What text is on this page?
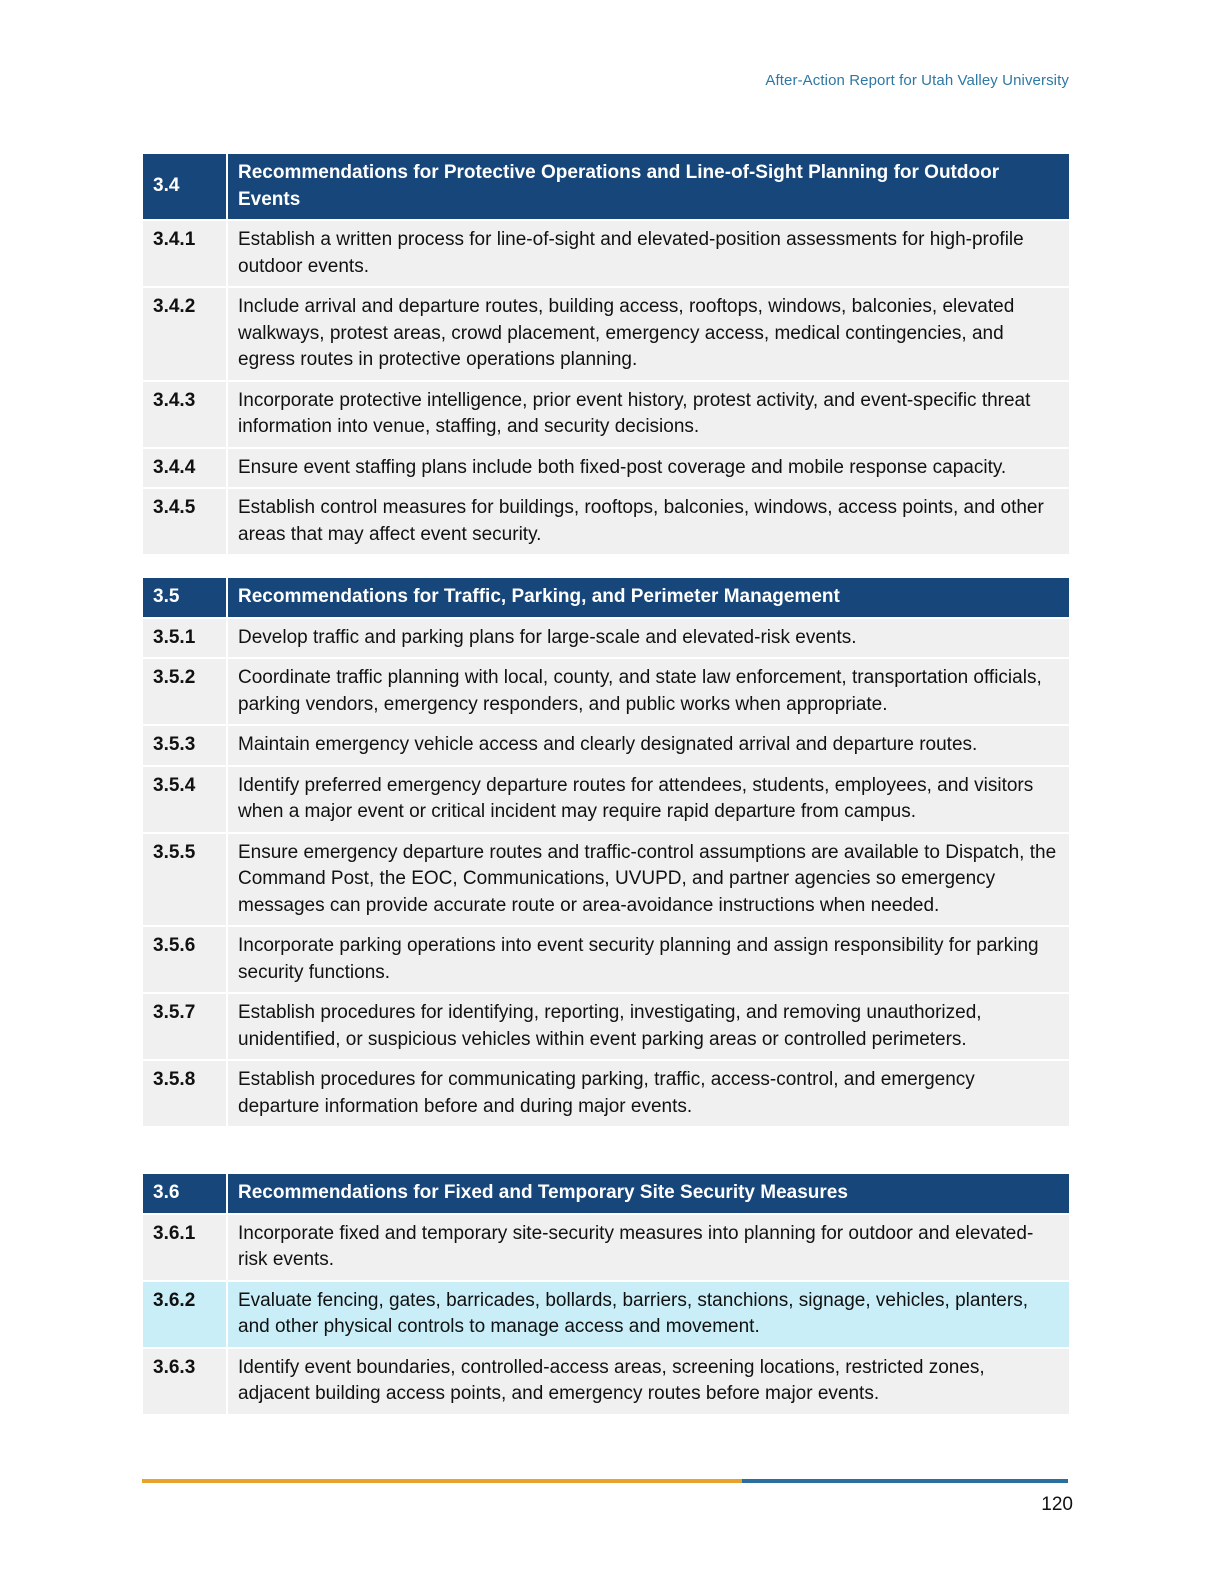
After-Action Report for Utah Valley University
3.4	Recommendations for Protective Operations and Line-of-Sight Planning for Outdoor Events
3.4.1	Establish a written process for line-of-sight and elevated-position assessments for high-profile outdoor events.
3.4.2	Include arrival and departure routes, building access, rooftops, windows, balconies, elevated walkways, protest areas, crowd placement, emergency access, medical contingencies, and egress routes in protective operations planning.
3.4.3	Incorporate protective intelligence, prior event history, protest activity, and event-specific threat information into venue, staffing, and security decisions.
3.4.4	Ensure event staffing plans include both fixed-post coverage and mobile response capacity.
3.4.5	Establish control measures for buildings, rooftops, balconies, windows, access points, and other areas that may affect event security.
3.5	Recommendations for Traffic, Parking, and Perimeter Management
3.5.1	Develop traffic and parking plans for large-scale and elevated-risk events.
3.5.2	Coordinate traffic planning with local, county, and state law enforcement, transportation officials, parking vendors, emergency responders, and public works when appropriate.
3.5.3	Maintain emergency vehicle access and clearly designated arrival and departure routes.
3.5.4	Identify preferred emergency departure routes for attendees, students, employees, and visitors when a major event or critical incident may require rapid departure from campus.
3.5.5	Ensure emergency departure routes and traffic-control assumptions are available to Dispatch, the Command Post, the EOC, Communications, UVUPD, and partner agencies so emergency messages can provide accurate route or area-avoidance instructions when needed.
3.5.6	Incorporate parking operations into event security planning and assign responsibility for parking security functions.
3.5.7	Establish procedures for identifying, reporting, investigating, and removing unauthorized, unidentified, or suspicious vehicles within event parking areas or controlled perimeters.
3.5.8	Establish procedures for communicating parking, traffic, access-control, and emergency departure information before and during major events.
3.6	Recommendations for Fixed and Temporary Site Security Measures
3.6.1	Incorporate fixed and temporary site-security measures into planning for outdoor and elevated-risk events.
3.6.2	Evaluate fencing, gates, barricades, bollards, barriers, stanchions, signage, vehicles, planters, and other physical controls to manage access and movement.
3.6.3	Identify event boundaries, controlled-access areas, screening locations, restricted zones, adjacent building access points, and emergency routes before major events.
120
